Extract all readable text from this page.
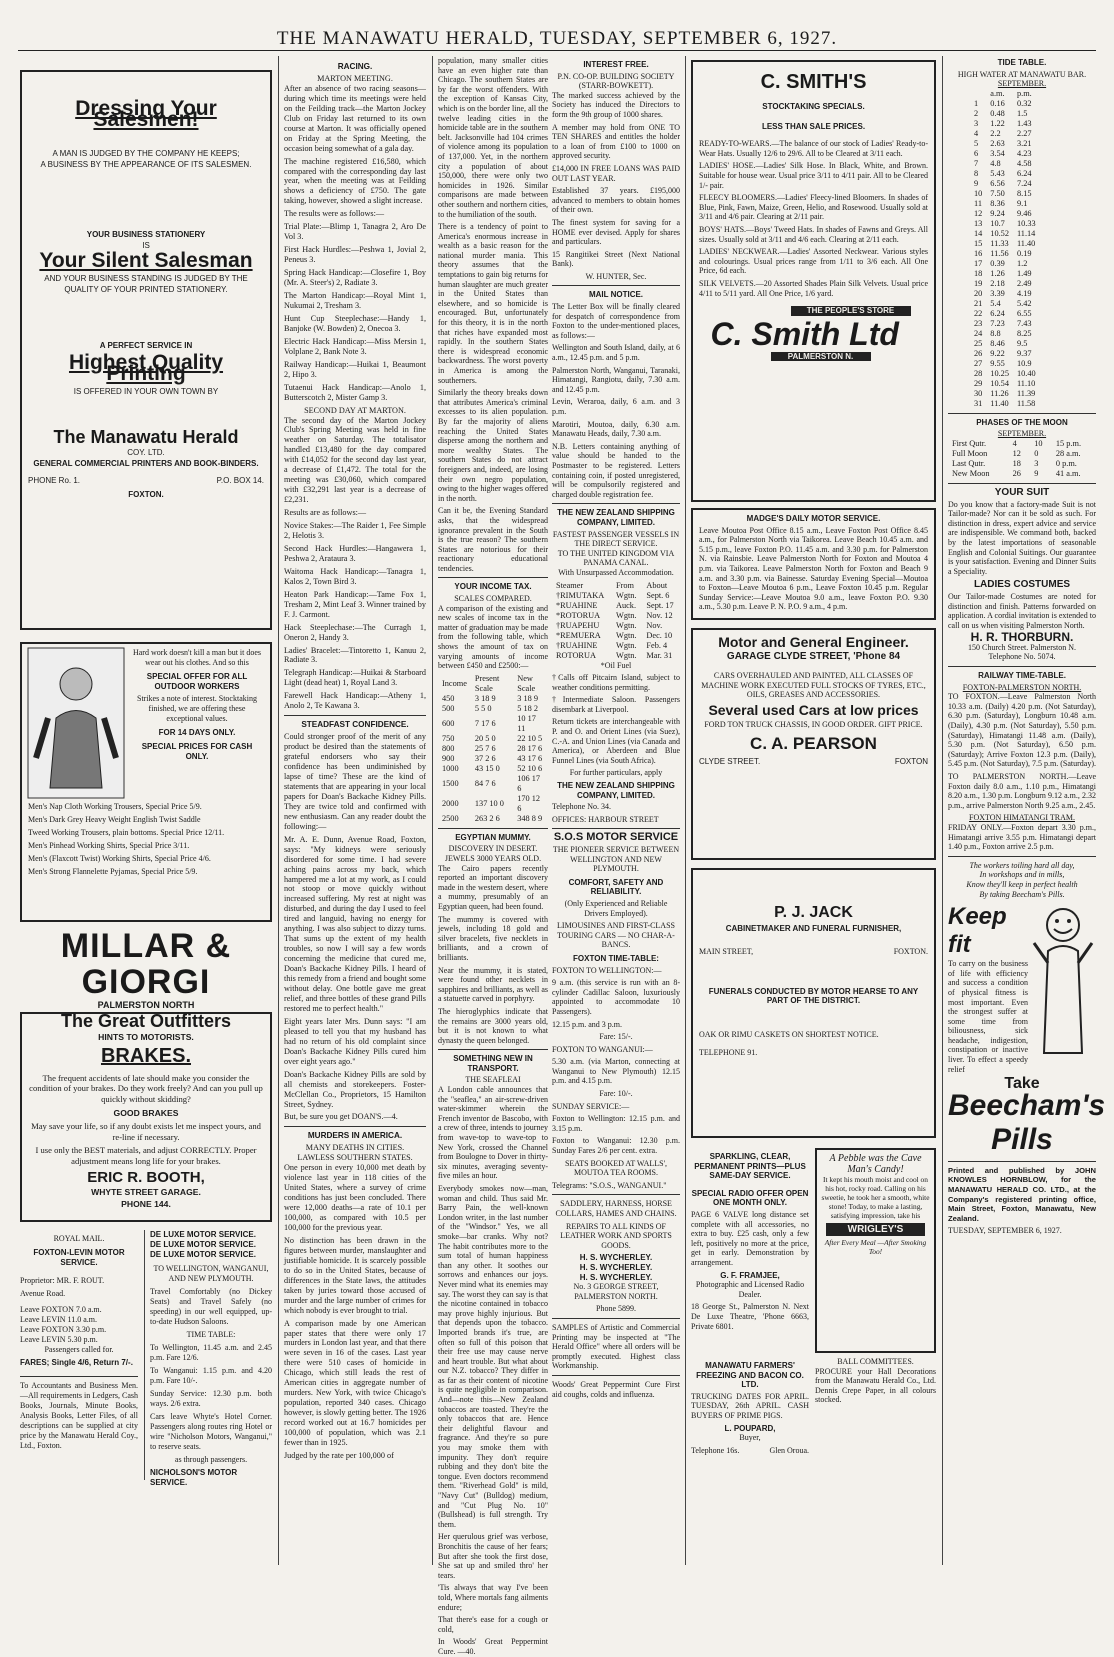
THE MANAWATU HERALD, TUESDAY, SEPTEMBER 6, 1927.
Dressing Your Salesmen!
A MAN IS JUDGED BY THE COMPANY HE KEEPS;
A BUSINESS BY THE APPEARANCE OF ITS SALESMEN.
YOUR BUSINESS STATIONERY
IS
Your Silent Salesman
AND YOUR BUSINESS STANDING IS JUDGED BY THE QUALITY OF YOUR PRINTED STATIONERY.
A PERFECT SERVICE IN
Highest Quality Printing
IS OFFERED IN YOUR OWN TOWN BY
The Manawatu Herald
COY. LTD.
GENERAL COMMERCIAL PRINTERS AND BOOK-BINDERS.
PHONE Ro. 1.	P.O. BOX 14.
FOXTON.

Hard work doesn't kill a man but it does wear out his clothes. And so this

SPECIAL OFFER FOR ALL OUTDOOR WORKERS

Strikes a note of interest. Stocktaking finished, we are offering these exceptional values.

FOR 14 DAYS ONLY.
SPECIAL PRICES FOR CASH ONLY.

Men's Nap Cloth Working Trousers, Special Price 5/9.

Men's Dark Grey Heavy Weight English Twist Saddle

Tweed Working Trousers, plain bottoms. Special Price 12/11.

Men's Pinhead Working Shirts, Special Price 3/11.

Men's (Flaxcott Twist) Working Shirts, Special Price 4/6.

Men's Strong Flannelette Pyjamas, Special Price 5/9.

MILLAR & GIORGI
PALMERSTON NORTH
The Great Outfitters
HINTS TO MOTORISTS.
BRAKES.

The frequent accidents of late should make you consider the condition of your brakes. Do they work freely? And can you pull up quickly without skidding?

GOOD BRAKES

May save your life, so if any doubt exists let me inspect yours, and re-line if necessary.

I use only the BEST materials, and adjust CORRECTLY. Proper adjustment means long life for your brakes.

ERIC R. BOOTH,
WHYTE STREET GARAGE.
PHONE 144.
ROYAL MAIL.
FOXTON-LEVIN MOTOR SERVICE.

Proprietor: MR. F. ROUT.

Avenue Road.

Leave FOXTON 7.0 a.m.

Leave LEVIN 11.0 a.m.

Leave FOXTON 3.30 p.m.

Leave LEVIN 5.30 p.m.

Passengers called for.

FARES; Single 4/6, Return 7/-.

To Accountants and Business Men.—All requirements in Ledgers, Cash Books, Journals, Minute Books, Analysis Books, Letter Files, of all descriptions can be supplied at city price by the Manawatu Herald Coy., Ltd., Foxton.

DE LUXE MOTOR SERVICE.
DE LUXE MOTOR SERVICE.
DE LUXE MOTOR SERVICE.

TO WELLINGTON, WANGANUI, AND NEW PLYMOUTH.

Travel Comfortably (no Dickey Seats) and Travel Safely (no speeding) in our well equipped, up-to-date Hudson Saloons.

TIME TABLE:

To Wellington, 11.45 a.m. and 2.45 p.m. Fare 12/6.

To Wanganui: 1.15 p.m. and 4.20 p.m. Fare 10/-.

Sunday Service: 12.30 p.m. both ways. 2/6 extra.

Cars leave Whyte's Hotel Corner. Passengers along routes ring Hotel or wire "Nicholson Motors, Wanganui," to reserve seats.

as through passengers.

NICHOLSON'S MOTOR SERVICE.
RACING.
MARTON MEETING.

After an absence of two racing seasons—during which time its meetings were held on the Feilding track—the Marton Jockey Club on Friday last returned to its own course at Marton. It was officially opened on Friday at the Spring Meeting, the occasion being somewhat of a gala day.

The machine registered £16,580, which compared with the corresponding day last year, when the meeting was at Feilding shows a deficiency of £750. The gate taking, however, showed a slight increase.

The results were as follows:—

Trial Plate:—Blimp 1, Tanagra 2, Aro De Vol 3.

First Hack Hurdles:—Peshwa 1, Jovial 2, Peneus 3.

Spring Hack Handicap:—Closefire 1, Boy (Mr. A. Steer's) 2, Radiate 3.

The Marton Handicap:—Royal Mint 1, Nukumai 2, Tresham 3.

Hunt Cup Steeplechase:—Handy 1, Banjoke (W. Bowden) 2, Onecoa 3.

Electric Hack Handicap:—Miss Mersin 1, Volplane 2, Bank Note 3.

Railway Handicap:—Huikai 1, Beaumont 2, Hipo 3.

Tutaenui Hack Handicap:—Anolo 1, Butterscotch 2, Mister Gamp 3.

SECOND DAY AT MARTON.

The second day of the Marton Jockey Club's Spring Meeting was held in fine weather on Saturday. The totalisator handled £13,480 for the day compared with £14,052 for the second day last year, a decrease of £1,472. The total for the meeting was £30,060, which compared with £32,291 last year is a decrease of £2,231.

Results are as follows:—

Novice Stakes:—The Raider 1, Fee Simple 2, Helotis 3.

Second Hack Hurdles:—Hangawera 1, Peshwa 2, Arataura 3.

Waitoma Hack Handicap:—Tanagra 1, Kalos 2, Town Bird 3.

Heaton Park Handicap:—Tame Fox 1, Tresham 2, Mint Leaf 3. Winner trained by F. J. Carmont.

Hack Steeplechase:—The Curragh 1, Oneron 2, Handy 3.

Ladies' Bracelet:—Tintoretto 1, Kanuu 2, Radiate 3.

Telegraph Handicap:—Huikai & Starboard Light (dead heat) 1, Royal Land 3.

Farewell Hack Handicap:—Atheny 1, Anolo 2, Te Kawana 3.

STEADFAST CONFIDENCE.

Could stronger proof of the merit of any product be desired than the statements of grateful endorsers who say their confidence has been undiminished by lapse of time? These are the kind of statements that are appearing in your local papers for Doan's Backache Kidney Pills. They are twice told and confirmed with new enthusiasm. Can any reader doubt the following:—

Mr. A. E. Dunn, Avenue Road, Foxton, says: "My kidneys were seriously disordered for some time. I had severe aching pains across my back, which hampered me a lot at my work, as I could not stoop or move quickly without increased suffering. My rest at night was disturbed, and during the day I used to feel tired and languid, having no energy for anything. I was also subject to dizzy turns. That sums up the extent of my health troubles, so now I will say a few words concerning the medicine that cured me, Doan's Backache Kidney Pills. I heard of this remedy from a friend and bought some without delay. One bottle gave me great relief, and three bottles of these grand Pills restored me to perfect health."

Eight years later Mrs. Dunn says: "I am pleased to tell you that my husband has had no return of his old complaint since Doan's Backache Kidney Pills cured him over eight years ago."

Doan's Backache Kidney Pills are sold by all chemists and storekeepers. Foster-McClellan Co., Proprietors, 15 Hamilton Street, Sydney.

But, be sure you get DOAN'S.—4.

MURDERS IN AMERICA.
MANY DEATHS IN CITIES.
LAWLESS SOUTHERN STATES.

One person in every 10,000 met death by violence last year in 118 cities of the United States, where a survey of crime conditions has just been concluded. There were 12,000 deaths—a rate of 10.1 per 100,000, as compared with 10.5 per 100,000 for the previous year.

No distinction has been drawn in the figures between murder, manslaughter and justifiable homicide. It is scarcely possible to do so in the United States, because of differences in the State laws, the attitudes taken by juries toward those accused of murder and the large number of crimes for which nobody is ever brought to trial.

A comparison made by one American paper states that there were only 17 murders in London last year, and that there were seven in 16 of the cases. Last year there were 510 cases of homicide in Chicago, which still leads the rest of American cities in aggregate number of murders. New York, with twice Chicago's population, reported 340 cases. Chicago however, is slowly getting better. The 1926 record worked out at 16.7 homicides per 100,000 of population, which was 2.1 fewer than in 1925.

Judged by the rate per 100,000 of

population, many smaller cities have an even higher rate than Chicago. The southern States are by far the worst offenders. With the exception of Kansas City, which is on the border line, all the twelve leading cities in the homicide table are in the southern belt. Jacksonville had 104 crimes of violence among its population of 137,000. Yet, in the northern city a population of about 150,000, there were only two homicides in 1926. Similar comparisons are made between other southern and northern cities, to the humiliation of the south.

There is a tendency of point to America's enormous increase in wealth as a basic reason for the national murder mania. This theory assumes that the temptations to gain big returns for human slaughter are much greater in the United States than elsewhere, and so homicide is encouraged. But, unfortunately for this theory, it is in the north that riches have expanded most rapidly. In the southern States there is widespread economic backwardness. The worst poverty in America is among the southerners.

Similarly the theory breaks down that attributes America's criminal excesses to its alien population. By far the majority of aliens reaching the United States disperse among the northern and more wealthy States. The southern States do not attract foreigners and, indeed, are losing their own negro population, owing to the higher wages offered in the north.

Can it be, the Evening Standard asks, that the widespread ignorance prevalent in the South is the true reason? The southern States are notorious for their reactionary educational tendencies.

YOUR INCOME TAX.
SCALES COMPARED.

A comparison of the existing and new scales of income tax in the matter of graduation may be made from the following table, which shows the amount of tax on varying amounts of income between £450 and £2500:—

Income	Present Scale	New Scale
450	3 18 9	3 18 9
500	5 5 0	5 18 2
600	7 17 6	10 17 11
750	20 5 0	22 10 5
800	25 7 6	28 17 6
900	37 2 6	43 17 6
1000	43 15 0	52 10 6
1500	84 7 6	106 17 6
2000	137 10 0	170 12 6
2500	263 2 6	348 8 9
EGYPTIAN MUMMY.
DISCOVERY IN DESERT.
JEWELS 3000 YEARS OLD.

The Cairo papers recently reported an important discovery made in the western desert, where a mummy, presumably of an Egyptian queen, had been found.

The mummy is covered with jewels, including 18 gold and silver bracelets, five necklets in brilliants, and a crown of brilliants.

Near the mummy, it is stated, were found other necklets in sapphires and brilliants, as well as a statuette carved in porphyry.

The hieroglyphics indicate that the remains are 3000 years old, but it is not known to what dynasty the queen belonged.

SOMETHING NEW IN TRANSPORT.
THE SEAFLEAI

A London cable announces that the "seaflea," an air-screw-driven water-skimmer wherein the French inventor de Bascobo, with a crew of three, intends to journey from wave-top to wave-top to New York, crossed the Channel from Boulogne to Dover in thirty-six minutes, averaging seventy-five miles an hour.

Everybody smokes now—man, woman and child. Thus said Mr. Barry Pain, the well-known London writer, in the last number of the "Windsor." Yes, we all smoke—bar cranks. Why not? The habit contributes more to the sum total of human happiness than any other. It soothes our sorrows and enhances our joys. Never mind what its enemies may say. The worst they can say is that the nicotine contained in tobacco may prove highly injurious. But that depends upon the tobacco. Imported brands it's true, are often so full of this poison that their free use may cause nerve and heart trouble. But what about our N.Z. tobacco? They differ in as far as their content of nicotine is quite negligible in comparison. And—note this—New Zealand tobaccos are toasted. They're the only tobaccos that are. Hence their delightful flavour and fragrance. And they're so pure you may smoke them with impunity. They don't require rubbing and they don't bite the tongue. Even doctors recommend them. "Riverhead Gold" is mild, "Navy Cut" (Bulldog) medium, and "Cut Plug No. 10" (Bullshead) is full strength. Try them.

Her querulous grief was verbose, Bronchitis the cause of her fears; But after she took the first dose, She sat up and smiled thro' her tears.

'Tis always that way I've been told, Where mortals fang ailments endure;

That there's ease for a cough or cold,

In Woods' Great Peppermint Cure. —40.

INTEREST FREE.
P.N. CO-OP. BUILDING SOCIETY (STARR-BOWKETT).

The marked success achieved by the Society has induced the Directors to form the 9th group of 1000 shares.

A member may hold from ONE TO TEN SHARES and entitles the holder to a loan of from £100 to 1000 on approved security.

£14,000 IN FREE LOANS WAS PAID OUT LAST YEAR.

Established 37 years. £195,000 advanced to members to obtain homes of their own.

The finest system for saving for a HOME ever devised. Apply for shares and particulars.

15 Rangitikei Street (Next National Bank).

W. HUNTER, Sec.

MAIL NOTICE.

The Letter Box will be finally cleared for despatch of correspondence from Foxton to the under-mentioned places, as follows:—

Wellington and South Island, daily, at 6 a.m., 12.45 p.m. and 5 p.m.

Palmerston North, Wanganui, Taranaki, Himatangi, Rangiotu, daily, 7.30 a.m. and 12.45 p.m.

Levin, Weraroa, daily, 6 a.m. and 3 p.m.

Marotiri, Moutoa, daily, 6.30 a.m. Manawatu Heads, daily, 7.30 a.m.

N.B. Letters containing anything of value should be handed to the Postmaster to be registered. Letters containing coin, if posted unregistered, will be compulsorily registered and charged double registration fee.

THE NEW ZEALAND SHIPPING COMPANY, LIMITED.
FASTEST PASSENGER VESSELS IN THE DIRECT SERVICE.
TO THE UNITED KINGDOM VIA PANAMA CANAL.

With Unsurpassed Accommodation.

Steamer	From	About
†RIMUTAKA	Wgtn.	Sept. 6
*RUAHINE	Auck.	Sept. 17
*ROTORUA	Wgtn.	Nov. 12
†RUAPEHU	Wgtn.	Nov.
*REMUERA	Wgtn.	Dec. 10
†RUAHINE	Wgtn.	Feb. 4
ROTORUA	Wgtn.	Mar. 31

*Oil Fuel

†Calls off Pitcairn Island, subject to weather conditions permitting.

†Intermediate Saloon. Passengers disembark at Liverpool.

Return tickets are interchangeable with P. and O. and Orient Lines (via Suez), C.-A. and Union Lines (via Canada and America), or Aberdeen and Blue Funnel Lines (via South Africa).

For further particulars, apply

THE NEW ZEALAND SHIPPING COMPANY, LIMITED.

Telephone No. 34.

OFFICES: HARBOUR STREET

S.O.S MOTOR SERVICE

THE PIONEER SERVICE BETWEEN WELLINGTON AND NEW PLYMOUTH.

COMFORT, SAFETY AND RELIABILITY.

(Only Experienced and Reliable Drivers Employed).

LIMOUSINES AND FIRST-CLASS TOURING CARS — NO CHAR-A-BANCS.

FOXTON TIME-TABLE:

FOXTON TO WELLINGTON:—

9 a.m. (this service is run with an 8-cylinder Cadillac Saloon, luxuriously appointed to accommodate 10 Passengers).

12.15 p.m. and 3 p.m.

Fare: 15/-.

FOXTON TO WANGANUI:—

5.30 a.m. (via Marton, connecting at Wanganui to New Plymouth) 12.15 p.m. and 4.15 p.m.

Fare: 10/-.

SUNDAY SERVICE:—

Foxton to Wellington: 12.15 p.m. and 3.15 p.m.

Foxton to Wanganui: 12.30 p.m. Sunday Fares 2/6 per cent. extra.

SEATS BOOKED AT WALLS', MOUTOA TEA ROOMS.

Telegrams: "S.O.S., WANGANUI."

SADDLERY, HARNESS, HORSE COLLARS, HAMES AND CHAINS.

REPAIRS TO ALL KINDS OF LEATHER WORK AND SPORTS GOODS.

H. S. WYCHERLEY.
H. S. WYCHERLEY.
H. S. WYCHERLEY.

No. 3 GEORGE STREET, PALMERSTON NORTH.

Phone 5899.

SAMPLES of Artistic and Commercial Printing may be inspected at "The Herald Office" where all orders will be promptly executed. Highest class Workmanship.

Woods' Great Peppermint Cure First aid coughs, colds and influenza.

C. SMITH'S
STOCKTAKING SPECIALS.
LESS THAN SALE PRICES.

READY-TO-WEARS.—The balance of our stock of Ladies' Ready-to-Wear Hats. Usually 12/6 to 29/6. All to be Cleared at 3/11 each.

LADIES' HOSE.—Ladies' Silk Hose. In Black, White, and Brown. Suitable for house wear. Usual price 3/11 to 4/11 pair. All to be Cleared 1/- pair.

FLEECY BLOOMERS.—Ladies' Fleecy-lined Bloomers. In shades of Blue, Pink, Fawn, Maize, Green, Helio, and Rosewood. Usually sold at 3/11 and 4/6 pair. Clearing at 2/11 pair.

BOYS' HATS.—Boys' Tweed Hats. In shades of Fawns and Greys. All sizes. Usually sold at 3/11 and 4/6 each. Clearing at 2/11 each.

LADIES' NECKWEAR.—Ladies' Assorted Neckwear. Various styles and colourings. Usual prices range from 1/11 to 3/6 each. All One Price, 6d each.

SILK VELVETS.—20 Assorted Shades Plain Silk Velvets. Usual price 4/11 to 5/11 yard. All One Price, 1/6 yard.

THE PEOPLE'S STORE
C. Smith Ltd
PALMERSTON N.
MADGE'S DAILY MOTOR SERVICE.

Leave Moutoa Post Office 8.15 a.m., Leave Foxton Post Office 8.45 a.m., for Palmerston North via Taikorea. Leave Beach 10.45 a.m. and 5.15 p.m., leave Foxton P.O. 11.45 a.m. and 3.30 p.m. for Palmerston N. via Rainsbie. Leave Palmerston North for Foxton and Moutoa 4 p.m. via Taikorea. Leave Palmerston North for Foxton and Beach 9 a.m. and 3.30 p.m. via Bainesse. Saturday Evening Special—Moutoa to Foxton—Leave Moutoa 6 p.m., Leave Foxton 10.45 p.m. Regular Sunday Service:—Leave Moutoa 9.0 a.m., leave Foxton P.O. 9.30 a.m., 5.30 p.m. Leave P. N. P.O. 9 a.m., 4 p.m.

Motor and General Engineer.
GARAGE CLYDE STREET, 'Phone 84

CARS OVERHAULED AND PAINTED, ALL CLASSES OF MACHINE WORK EXECUTED FULL STOCKS OF TYRES, ETC., OILS, GREASES AND ACCESSORIES.

Several used Cars at low prices

FORD TON TRUCK CHASSIS, IN GOOD ORDER. GIFT PRICE.

C. A. PEARSON
CLYDE STREET.	FOXTON
P. J. JACK
CABINETMAKER AND FUNERAL FURNISHER,
MAIN STREET,	FOXTON.
FUNERALS CONDUCTED BY MOTOR HEARSE TO ANY PART OF THE DISTRICT.

OAK OR RIMU CASKETS ON SHORTEST NOTICE.

TELEPHONE 91.

SPARKLING, CLEAR, PERMANENT PRINTS—PLUS SAME-DAY SERVICE.
SPECIAL RADIO OFFER OPEN ONE MONTH ONLY.

PAGE 6 VALVE long distance set complete with all accessories, no extra to buy. £25 cash, only a few left, positively no more at the price, get in early. Demonstration by arrangement.

G. F. FRAMJEE,

Photographic and Licensed Radio Dealer.

18 George St., Palmerston N. Next De Luxe Theatre, 'Phone 6663, Private 6801.

A Pebble was the Cave Man's Candy!

It kept his mouth moist and cool on his hot, rocky road. Calling on his sweetie, he took her a smooth, white stone! Today, to make a lasting, satisfying impression, take his

WRIGLEY'S

After Every Meal —After Smoking Too!

MANAWATU FARMERS' FREEZING AND BACON CO. LTD.

TRUCKING DATES FOR APRIL. TUESDAY, 26th APRIL. CASH BUYERS OF PRIME PIGS.

L. POUPARD,

Buyer,

Telephone 16s.	Glen Oroua.
BALL COMMITTEES.

PROCURE your Hall Decorations from the Manawatu Herald Co., Ltd. Dennis Crepe Paper, in all colours stocked.

TIDE TABLE.
HIGH WATER AT MANAWATU BAR.
SEPTEMBER.
	a.m.	p.m.
1	0.16	0.32
2	0.48	1.5
3	1.22	1.43
4	2.2	2.27
5	2.63	3.21
6	3.54	4.23
7	4.8	4.58
8	5.43	6.24
9	6.56	7.24
10	7.50	8.15
11	8.36	9.1
12	9.24	9.46
13	10.7	10.33
14	10.52	11.14
15	11.33	11.40
16	11.56	0.19
17	0.39	1.2
18	1.26	1.49
19	2.18	2.49
20	3.39	4.19
21	5.4	5.42
22	6.24	6.55
23	7.23	7.43
24	8.8	8.25
25	8.46	9.5
26	9.22	9.37
27	9.55	10.9
28	10.25	10.40
29	10.54	11.10
30	11.26	11.39
31	11.40	11.58
PHASES OF THE MOON
SEPTEMBER.
First Qutr.	4	10	15 p.m.
Full Moon	12	0	28 a.m.
Last Qutr.	18	3	0 p.m.
New Moon	26	9	41 a.m.
YOUR SUIT

Do you know that a factory-made Suit is not Tailor-made? Nor can it be sold as such. For distinction in dress, expert advice and service are indispensible. We command both, backed by the latest importations of seasonable English and Colonial Suitings. Our guarantee is your satisfaction. Evening and Dinner Suits a Speciality.

LADIES COSTUMES

Our Tailor-made Costumes are noted for distinction and finish. Patterns forwarded on application. A cordial invitation is extended to call on us when visiting Palmerston North.

H. R. THORBURN.

150 Church Street. Palmerston N.

Telephone No. 5074.

RAILWAY TIME-TABLE.
FOXTON-PALMERSTON NORTH.

TO FOXTON.—Leave Palmerston North 10.33 a.m. (Daily) 4.20 p.m. (Not Saturday), 6.30 p.m. (Saturday), Longburn 10.48 a.m. (Daily), 4.30 p.m. (Not Saturday), 5.50 p.m. (Saturday), Himatangi 11.48 a.m. (Daily), 5.30 p.m. (Not Saturday), 6.50 p.m. (Saturday); Arrive Foxton 12.3 p.m. (Daily), 5.45 p.m. (Not Saturday), 7.5 p.m. (Saturday).

TO PALMERSTON NORTH.—Leave Foxton daily 8.0 a.m., 1.10 p.m., Himatangi 8.20 a.m., 1.30 p.m. Longburn 9.12 a.m., 2.32 p.m., arrive Palmerston North 9.25 a.m., 2.45.

FOXTON HIMATANGI TRAM.

FRIDAY ONLY.—Foxton depart 3.30 p.m., Himatangi arrive 3.55 p.m. Himatangi depart 1.40 p.m., Foxton arrive 2.5 p.m.

The workers toiling hard all day,
In workshops and in mills,
Know they'll keep in perfect health
By taking Beecham's Pills.
Keep fit

To carry on the business of life with efficiency and success a condition of physical fitness is most important. Even the strongest suffer at some time from biliousness, sick headache, indigestion, constipation or inactive liver. To effect a speedy relief

Take
Beecham's Pills

Printed and published by JOHN KNOWLES HORNBLOW, for the MANAWATU HERALD CO. LTD., at the Company's registered printing office, Main Street, Foxton, Manawatu, New Zealand.

TUESDAY, SEPTEMBER 6, 1927.
